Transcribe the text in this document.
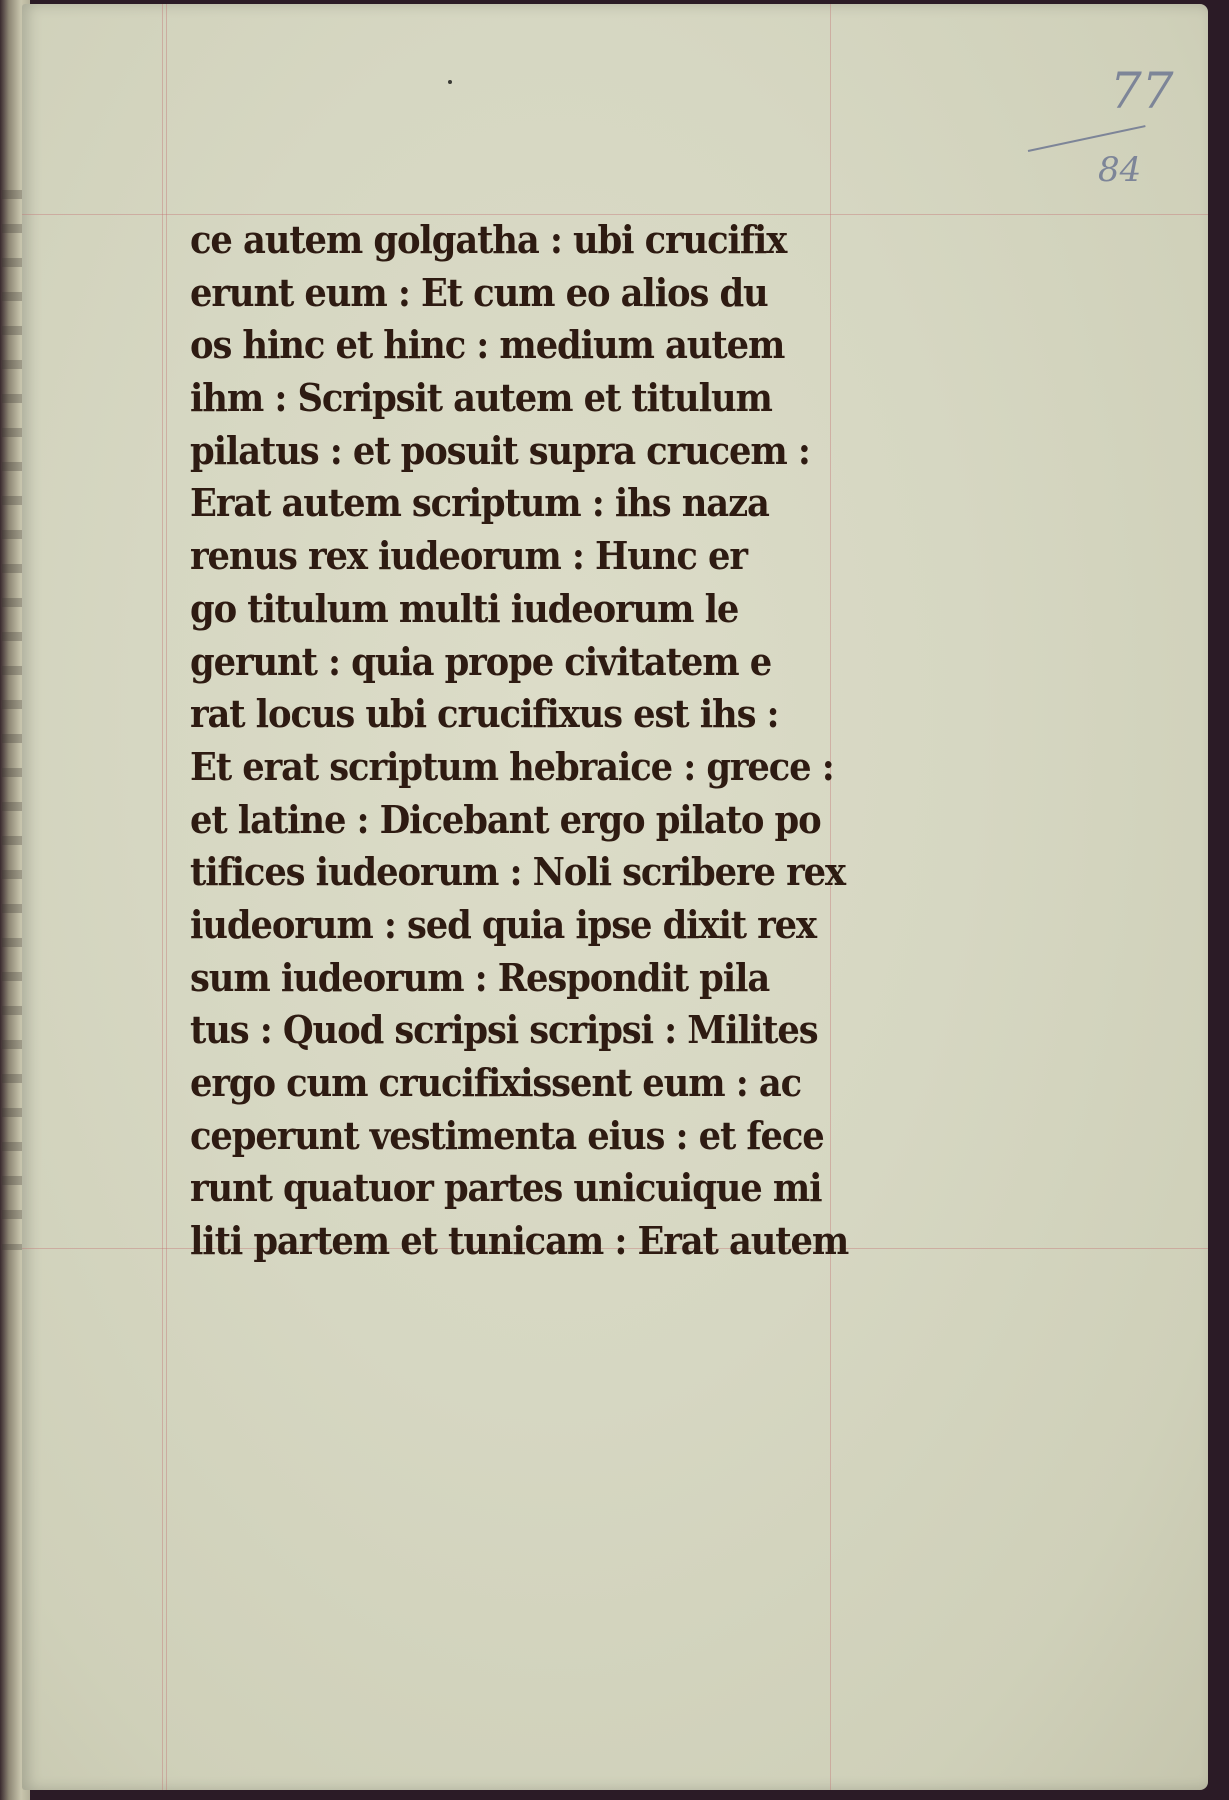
ce autem golgatha : ubi crucifix
erunt eum : Et cum eo alios du
os hinc et hinc : medium autem
ihm : Scripsit autem et titulum
pilatus : et posuit supra crucem :
Erat autem scriptum : ihs naza
renus rex iudeorum : Hunc er
go titulum multi iudeorum le
gerunt : quia prope civitatem e
rat locus ubi crucifixus est ihs :
Et erat scriptum hebraice : grece :
et latine : Dicebant ergo pilato po
tifices iudeorum : Noli scribere rex
iudeorum : sed quia ipse dixit rex
sum iudeorum : Respondit pila
tus : Quod scripsi scripsi : Milites
ergo cum crucifixissent eum : ac
ceperunt vestimenta eius : et fece
runt quatuor partes unicuique mi
liti partem et tunicam : Erat autem
77
84
